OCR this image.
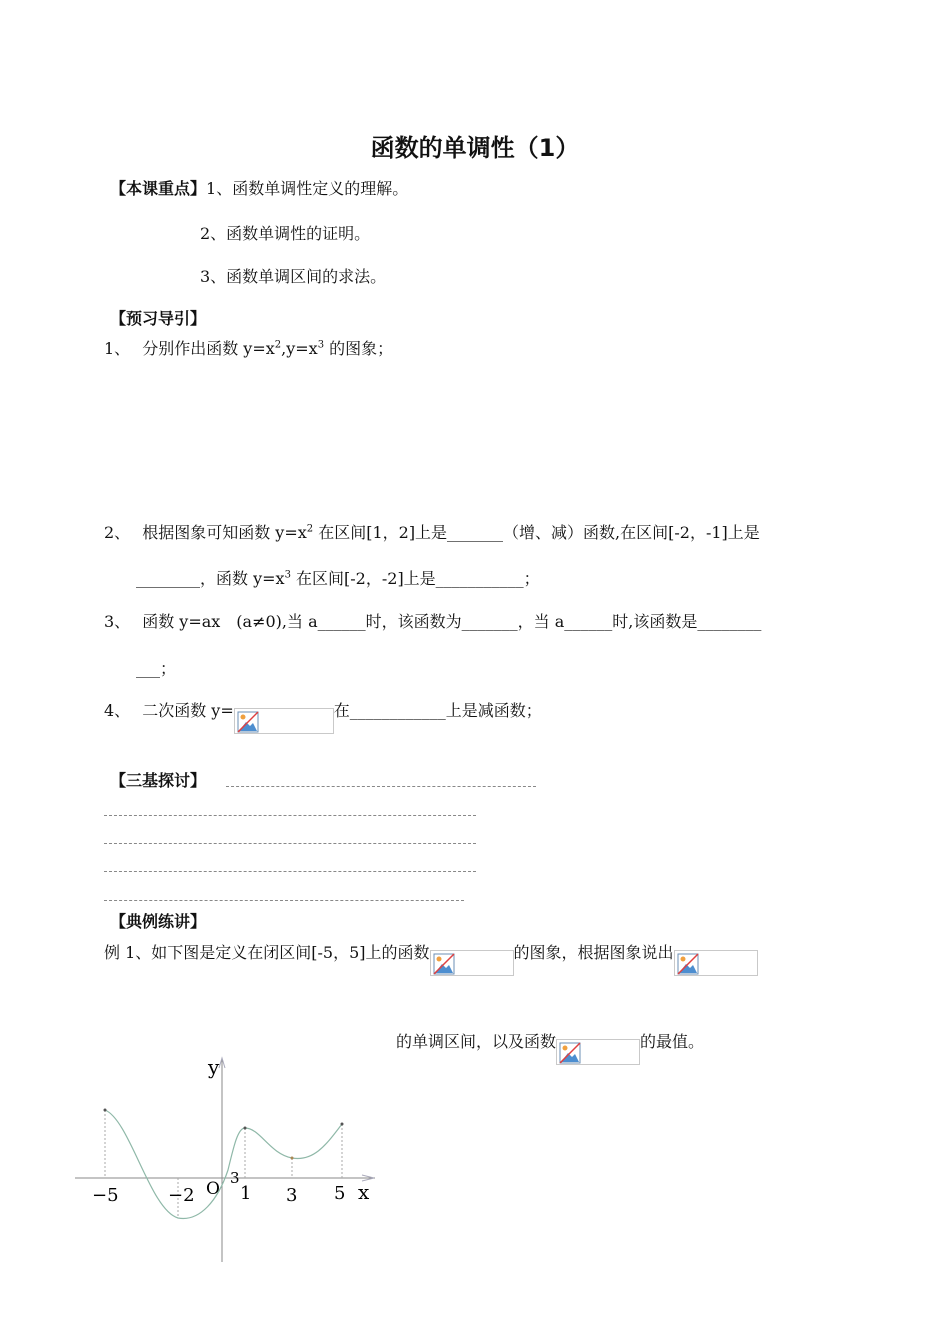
函数的单调性（1）
【本课重点】1、函数单调性定义的理解。
2、函数单调性的证明。
3、函数单调区间的求法。
【预习导引】
1、 分别作出函数 $y=x^2,y=x^3$ 的图象；
2、 根据图象可知函数 $y=x^2$ 在区间[1，2]上是_______（增、减）函数,在区间[-2，-1]上是
________，函数 $y=x^3$ 在区间[-2，-2]上是___________；
3、 函数 y=ax　(a≠0),当 a______时，该函数为_______，当 a______时,该函数是________
___；
4、 二次函数 y=	在____________上是减函数；
【三基探讨】
【典例练讲】
例 1、如下图是定义在闭区间[-5，5]上的函数	的图象，根据图象说出
的单调区间，以及函数	的最值。
y
x
O
3
−5	−2	1 3 5
